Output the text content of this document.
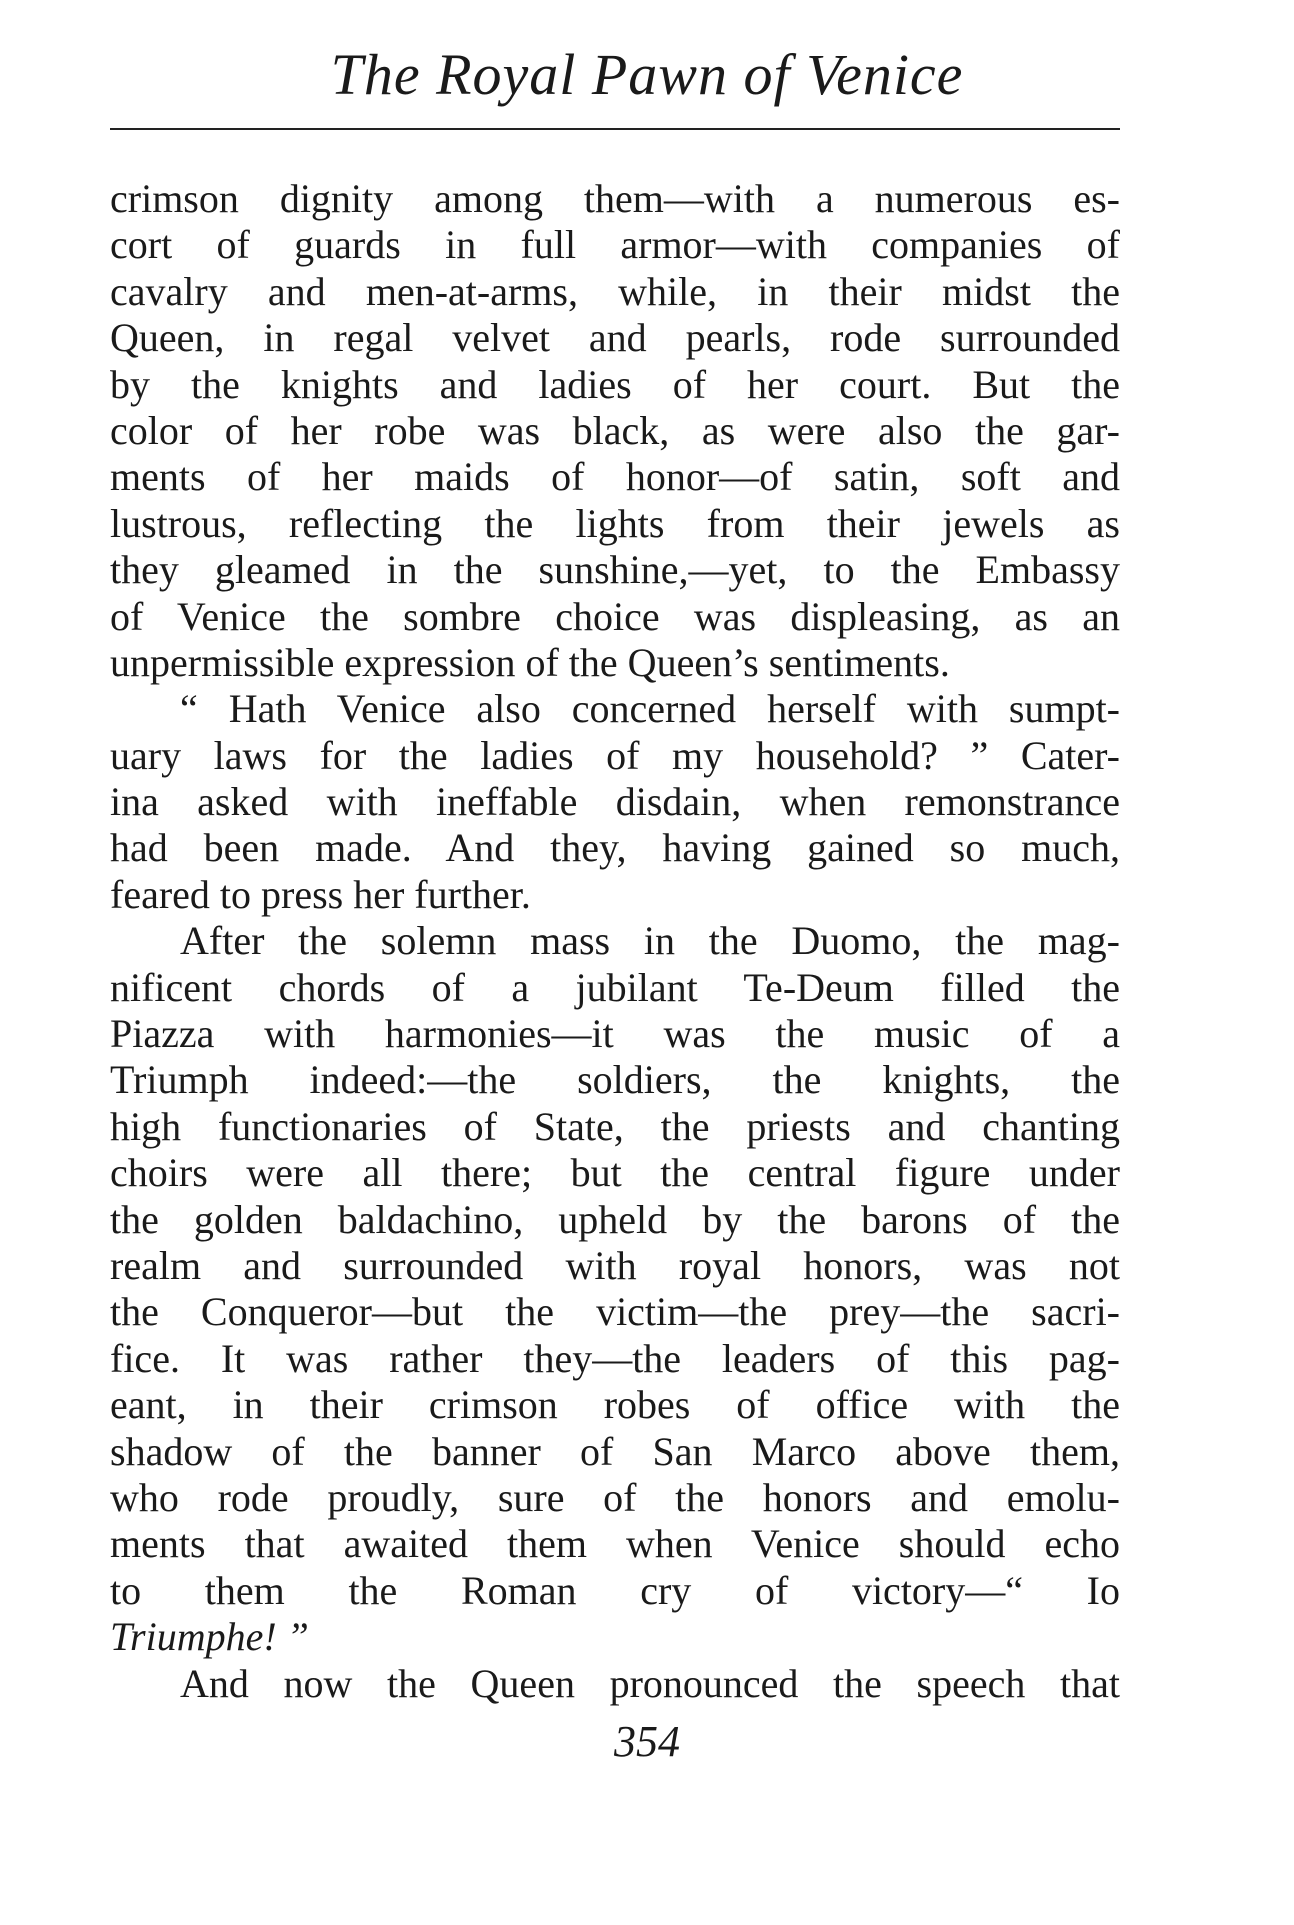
The Royal Pawn of Venice
crimson dignity among them—with a numerous es-
cort of guards in full armor—with companies of
cavalry and men-at-arms, while, in their midst the
Queen, in regal velvet and pearls, rode surrounded
by the knights and ladies of her court. But the
color of her robe was black, as were also the gar-
ments of her maids of honor—of satin, soft and
lustrous, reflecting the lights from their jewels as
they gleamed in the sunshine,—yet, to the Embassy
of Venice the sombre choice was displeasing, as an
unpermissible expression of the Queen’s sentiments.
“ Hath Venice also concerned herself with sumpt-
uary laws for the ladies of my household? ” Cater-
ina asked with ineffable disdain, when remonstrance
had been made. And they, having gained so much,
feared to press her further.
After the solemn mass in the Duomo, the mag-
nificent chords of a jubilant Te-Deum filled the
Piazza with harmonies—it was the music of a
Triumph indeed:—the soldiers, the knights, the
high functionaries of State, the priests and chanting
choirs were all there; but the central figure under
the golden baldachino, upheld by the barons of the
realm and surrounded with royal honors, was not
the Conqueror—but the victim—the prey—the sacri-
fice. It was rather they—the leaders of this pag-
eant, in their crimson robes of office with the
shadow of the banner of San Marco above them,
who rode proudly, sure of the honors and emolu-
ments that awaited them when Venice should echo
to them the Roman cry of victory—“ Io
Triumphe! ”
And now the Queen pronounced the speech that
354
